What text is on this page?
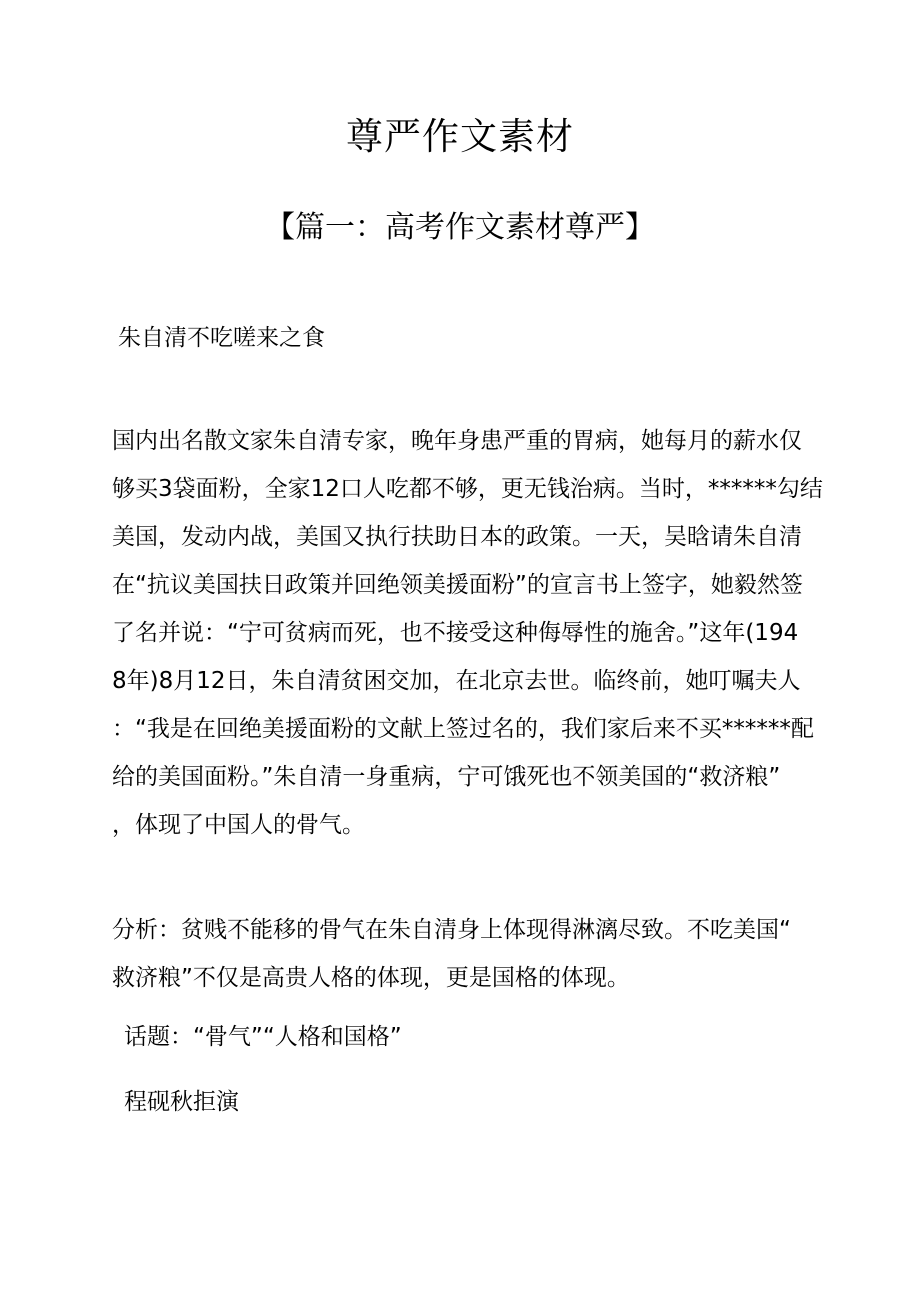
尊严作文素材
【篇一：高考作文素材尊严】
朱自清不吃嗟来之食
国内出名散文家朱自清专家，晚年身患严重的胃病，她每月的薪水仅
够买3袋面粉，全家12口人吃都不够，更无钱治病。当时，******勾结
美国，发动内战，美国又执行扶助日本的政策。一天，吴晗请朱自清
在“抗议美国扶日政策并回绝领美援面粉”的宣言书上签字，她毅然签
了名并说：“宁可贫病而死，也不接受这种侮辱性的施舍。”这年(194
8年)8月12日，朱自清贫困交加，在北京去世。临终前，她叮嘱夫人
：“我是在回绝美援面粉的文献上签过名的，我们家后来不买******配
给的美国面粉。”朱自清一身重病，宁可饿死也不领美国的“救济粮”
，体现了中国人的骨气。
分析：贫贱不能移的骨气在朱自清身上体现得淋漓尽致。不吃美国“
救济粮”不仅是高贵人格的体现，更是国格的体现。
话题：“骨气”“人格和国格”
程砚秋拒演
